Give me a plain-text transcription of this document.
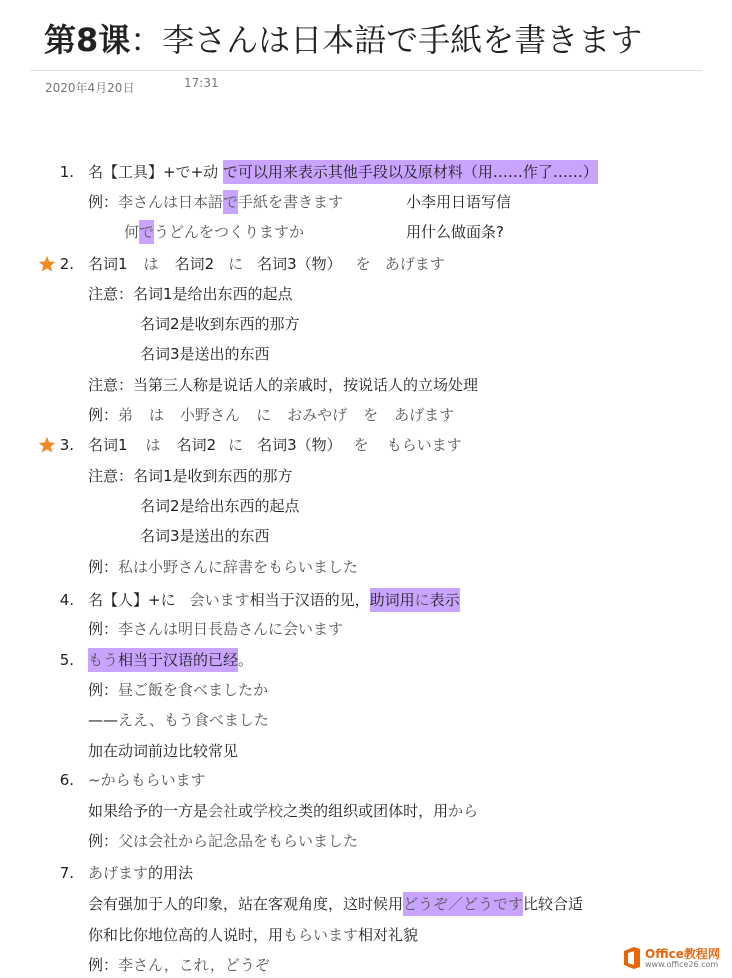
第8课：李さんは日本語で手紙を書きます
2020年4月20日	17:31
1. 名【工具】+で+动 で可以用来表示其他手段以及原材料（用……作了……）
例：李さんは日本語で手紙を書きます	小李用日语写信
何でうどんをつくりますか	用什么做面条?
2. 名词1 は 名词2 に 名词3（物） を あげます
注意：名词1是给出东西的起点
名词2是收到东西的那方
名词3是送出的东西
注意：当第三人称是说话人的亲戚时，按说话人的立场处理
例：弟 は 小野さん に おみやげ を あげます
3. 名词1 は 名词2 に 名词3（物） を もらいます
注意：名词1是收到东西的那方
名词2是给出东西的起点
名词3是送出的东西
例：私は小野さんに辞書をもらいました
4. 名【人】+に 会います相当于汉语的见，助词用に表示
例：李さんは明日長島さんに会います
5. もう相当于汉语的已经。
例：昼ご飯を食べましたか
——ええ、もう食べました
加在动词前边比较常见
6. ~からもらいます
如果给予的一方是会社或学校之类的组织或团体时，用から
例：父は会社から記念品をもらいました
7. あげます的用法
会有强加于人的印象，站在客观角度，这时候用どうぞ／どうです比较合适
你和比你地位高的人说时，用もらいます相对礼貌
例：李さん，これ，どうぞ
Office教程网
www.office26.com
